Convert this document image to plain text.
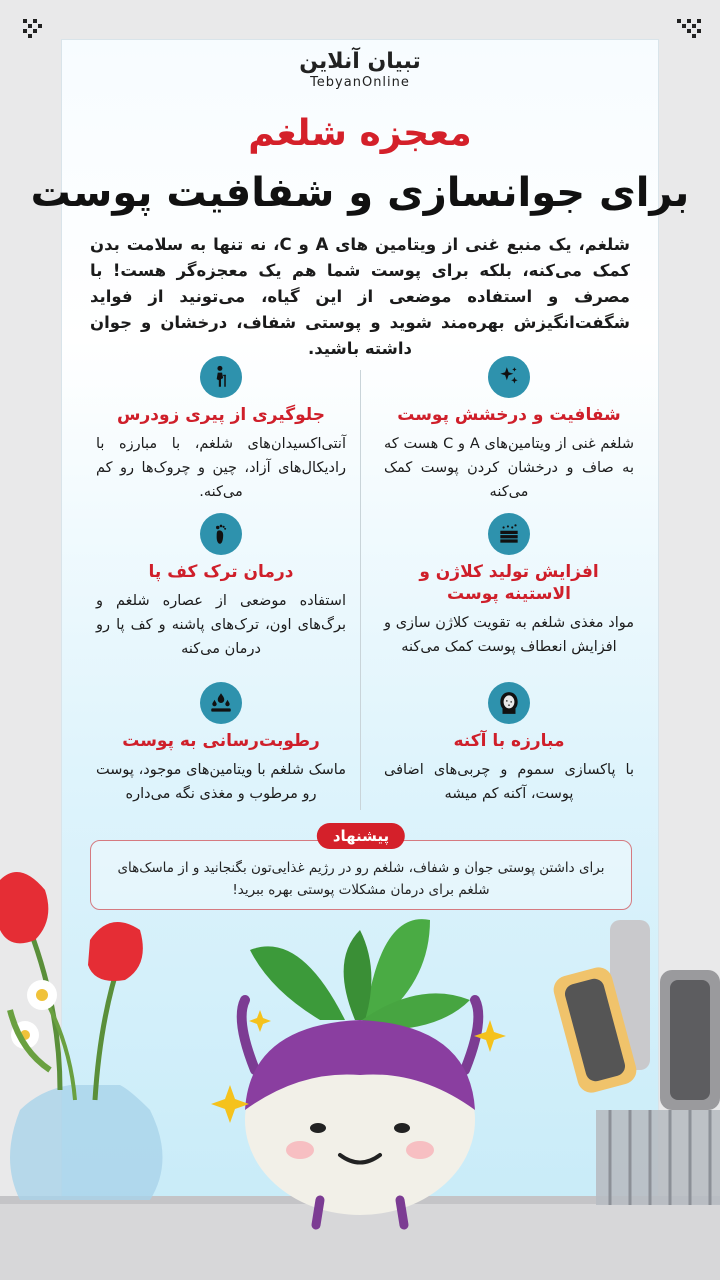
تبیان آنلاین
TebyanOnline
معجزه شلغم
برای جوانسازی و شفافیت پوست
شلغم، یک منبع غنی از ویتامین های A و C، نه تنها به سلامت بدن کمک می‌کنه، بلکه برای پوست شما هم یک معجزه‌گر هست! با مصرف و استفاده موضعی از این گیاه، می‌تونید از فواید شگفت‌انگیزش بهره‌مند شوید و پوستی شفاف، درخشان و جوان داشته باشید.
شفافیت و درخشش پوست

شلغم غنی از ویتامین‌های A و C هست که به صاف و درخشان کردن پوست کمک می‌کنه

جلوگیری از پیری زودرس

آنتی‌اکسیدان‌های شلغم، با مبارزه با رادیکال‌های آزاد، چین و چروک‌ها رو کم می‌کنه.

افزایش تولید کلاژن و الاستینه پوست

مواد مغذی شلغم به تقویت کلاژن سازی و افزایش انعطاف پوست کمک می‌کنه

درمان ترک کف پا

استفاده موضعی از عصاره شلغم و برگ‌های اون، ترک‌های پاشنه و کف پا رو درمان می‌کنه

مبارزه با آکنه

با پاکسازی سموم و چربی‌های اضافی پوست، آکنه کم میشه

رطوبت‌رسانی به پوست

ماسک شلغم با ویتامین‌های موجود، پوست رو مرطوب و مغذی نگه می‌داره

پیشنهاد
برای داشتن پوستی جوان و شفاف، شلغم رو در رژیم غذایی‌تون بگنجانید و از ماسک‌های شلغم برای درمان مشکلات پوستی بهره ببرید!
